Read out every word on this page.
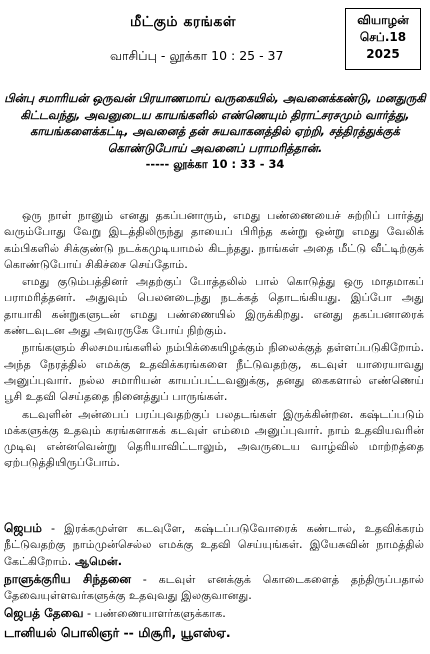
மீட்கும் கரங்கள்
வாசிப்பு - லூக்கா 10 : 25 - 37
வியாழன்
செப்.18
2025
பின்பு சமாரியன் ஒருவன் பிரயாணமாய் வருகையில், அவனைக்கண்டு, மனதுருகி கிட்டவந்து, அவனுடைய காயங்களில் எண்ணெயும் திராட்சரசமும் வார்த்து, காயங்களைக்கட்டி, அவனைத் தன் சுயவாகனத்தில் ஏற்றி, சத்திரத்துக்குக் கொண்டுபோய் அவனைப் பராமரித்தான்.
----- லூக்கா 10 : 33 - 34

ஒரு நாள் நானும் எனது தகப்பனாரும், எமது பண்ணையைச் சுற்றிப் பார்த்து வரும்போது வேறு இடத்திலிருந்து தாயைப் பிரிந்த கன்று ஒன்று எமது வேலிக் கம்பிகளில் சிக்குண்டு நடக்கமுடியாமல் கிடந்தது. நாங்கள் அதை மீட்டு வீட்டிற்குக் கொண்டுபோய் சிகிச்சை செய்தோம்.

எமது குடும்பத்தினர் அதற்குப் போத்தலில் பால் கொடுத்து ஒரு மாதமாகப் பராமரித்தனர். அதுவும் பெலனடைந்து நடக்கத் தொடங்கியது. இப்போ அது தாயாகி கன்றுகளுடன் எமது பண்ணையில் இருக்கிறது. எனது தகப்பனாரைக் கண்டவுடன அது அவரருகே போய் நிற்கும்.

நாங்களும் சிலசமயங்களில் நம்பிக்கையிழக்கும் நிலைக்குத் தள்ளப்படுகிறோம். அந்த நேரத்தில் எமக்கு உதவிக்கரங்களை நீட்டுவதற்கு, கடவுள் யாரையாவது அனுப்புவார். நல்ல சமாரியன் காயப்பட்டவனுக்கு, தனது கைகளால் எண்ணெய் பூசி உதவி செய்ததை நினைத்துப் பாருங்கள்.

கடவுளின் அன்பைப் பரப்புவதற்குப் பலதடங்கள் இருக்கின்றன. கஷ்டப்படும் மக்களுக்கு உதவும் கரங்களாகக் கடவுள் எம்மை அனுப்புவார். நாம் உதவியவரின் முடிவு என்னவென்று தெரியாவிட்டாலும், அவருடைய வாழ்வில் மாற்றத்தை ஏற்படுத்தியிருப்போம்.

ஜெபம் - இரக்கமுள்ள கடவுளே, கஷ்டப்படுவோரைக் கண்டால், உதவிக்கரம் நீட்டுவதற்கு நாம்முன்செல்ல எமக்கு உதவி செய்யுங்கள். இயேசுவின் நாமத்தில் கேட்கிறோம். ஆமென்.

நாளுக்குரிய சிந்தனை - கடவுள் எனக்குக் கொடைகளைத் தந்திருப்பதால் தேவையுள்ளவர்களுக்கு உதவுவது இலகுவானது.

ஜெபத் தேவை - பண்ணையாளர்களுக்காக.

டானியல் பொலிஞர் -- மிசூரி, யூஎஸ்ஏ.
